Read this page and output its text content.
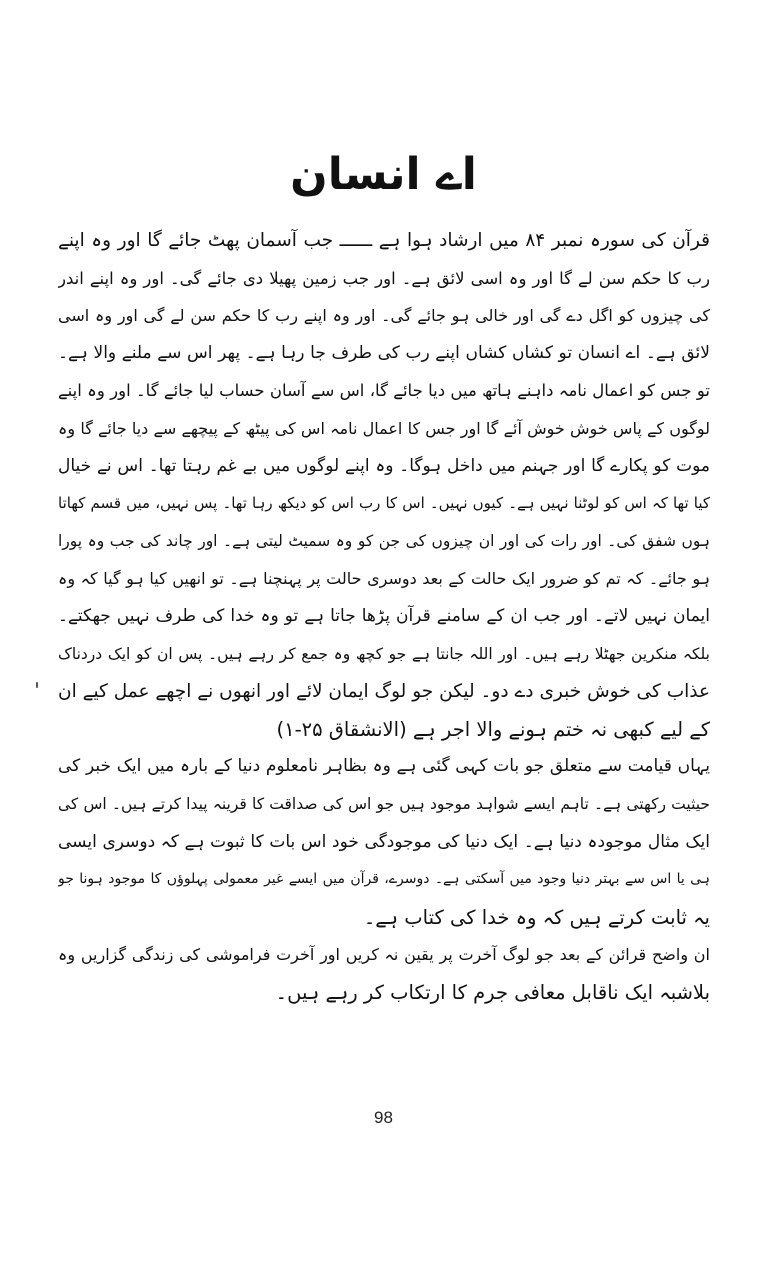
اے انسان
قرآن کی سورہ نمبر ۸۴ میں ارشاد ہوا ہے ــــــ جب آسمان پھٹ جائے گا اور وہ اپنے
رب کا حکم سن لے گا اور وہ اسی لائق ہے۔ اور جب زمین پھیلا دی جائے گی۔ اور وہ اپنے اندر
کی چیزوں کو اگل دے گی اور خالی ہو جائے گی۔ اور وہ اپنے رب کا حکم سن لے گی اور وہ اسی
لائق ہے۔ اے انسان تو کشاں کشاں اپنے رب کی طرف جا رہا ہے۔ پھر اس سے ملنے والا ہے۔
تو جس کو اعمال نامہ داہنے ہاتھ میں دیا جائے گا، اس سے آسان حساب لیا جائے گا۔ اور وہ اپنے
لوگوں کے پاس خوش خوش آئے گا اور جس کا اعمال نامہ اس کی پیٹھ کے پیچھے سے دیا جائے گا وہ
موت کو پکارے گا اور جہنم میں داخل ہوگا۔ وہ اپنے لوگوں میں بے غم رہتا تھا۔ اس نے خیال
کیا تھا کہ اس کو لوٹنا نہیں ہے۔ کیوں نہیں۔ اس کا رب اس کو دیکھ رہا تھا۔ پس نہیں، میں قسم کھاتا
ہوں شفق کی۔ اور رات کی اور ان چیزوں کی جن کو وہ سمیٹ لیتی ہے۔ اور چاند کی جب وہ پورا
ہو جائے۔ کہ تم کو ضرور ایک حالت کے بعد دوسری حالت پر پہنچنا ہے۔ تو انھیں کیا ہو گیا کہ وہ
ایمان نہیں لاتے۔ اور جب ان کے سامنے قرآن پڑھا جاتا ہے تو وہ خدا کی طرف نہیں جھکتے۔
بلکہ منکرین جھٹلا رہے ہیں۔ اور اللہ جانتا ہے جو کچھ وہ جمع کر رہے ہیں۔ پس ان کو ایک دردناک
عذاب کی خوش خبری دے دو۔ لیکن جو لوگ ایمان لائے اور انھوں نے اچھے عمل کیے ان
کے لیے کبھی نہ ختم ہونے والا اجر ہے (الانشقاق ۲۵-۱)
یہاں قیامت سے متعلق جو بات کہی گئی ہے وہ بظاہر نامعلوم دنیا کے بارہ میں ایک خبر کی
حیثیت رکھتی ہے۔ تاہم ایسے شواہد موجود ہیں جو اس کی صداقت کا قرینہ پیدا کرتے ہیں۔ اس کی
ایک مثال موجودہ دنیا ہے۔ ایک دنیا کی موجودگی خود اس بات کا ثبوت ہے کہ دوسری ایسی
ہی یا اس سے بہتر دنیا وجود میں آسکتی ہے۔ دوسرے، قرآن میں ایسے غیر معمولی پہلوؤں کا موجود ہونا جو
یہ ثابت کرتے ہیں کہ وہ خدا کی کتاب ہے۔
ان واضح قرائن کے بعد جو لوگ آخرت پر یقین نہ کریں اور آخرت فراموشی کی زندگی گزاریں وہ
بلاشبہ ایک ناقابل معافی جرم کا ارتکاب کر رہے ہیں۔
98
